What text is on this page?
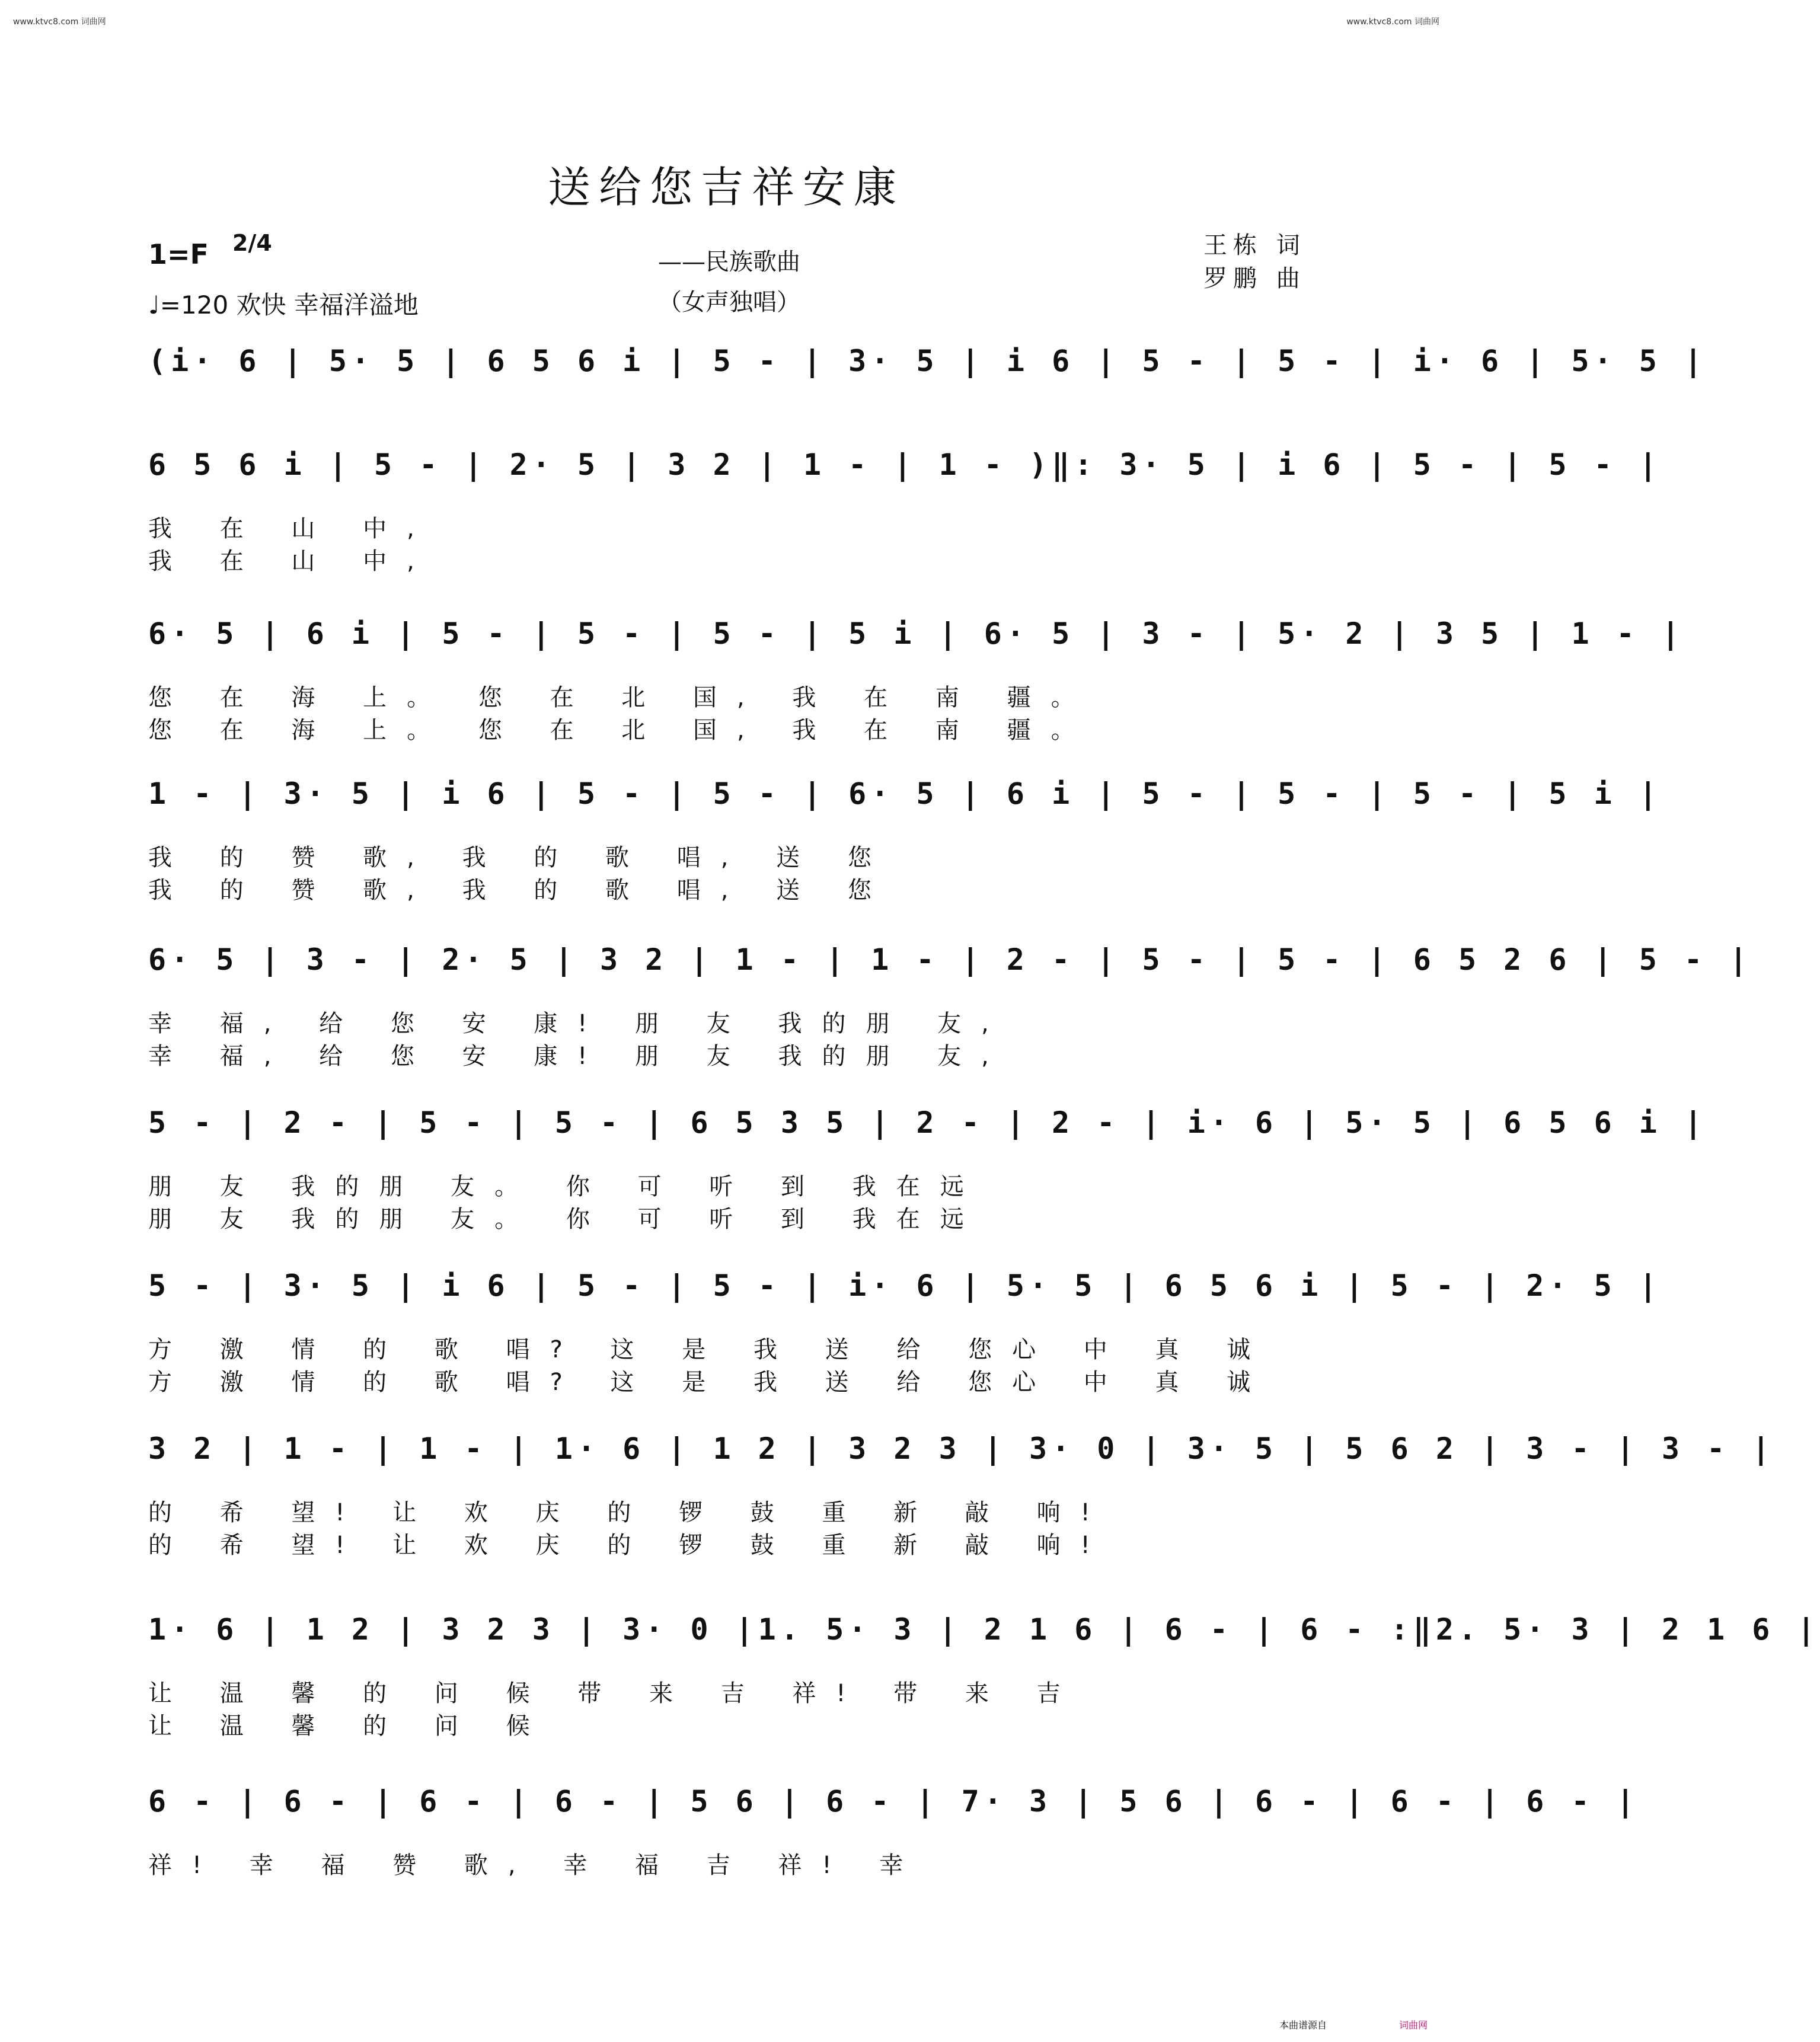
www.ktvc8.com 词曲网	www.ktvc8.com 词曲网
送给您吉祥安康
1=F 2/4
♩=120 欢快 幸福洋溢地
——民族歌曲
（女声独唱）
王栋 词
罗鹏 曲
(i· 6 | 5· 5 | 6 5 6 i | 5 - | 3· 5 | i 6 | 5 - | 5 - | i· 6 | 5· 5 |
6 5 6 i | 5 - | 2· 5 | 3 2 | 1 - | 1 - )‖: 3· 5 | i 6 | 5 - | 5 - |
我 在 山 中,
我 在 山 中,
6· 5 | 6 i | 5 - | 5 - | 5 - | 5 i | 6· 5 | 3 - | 5· 2 | 3 5 | 1 - |
您 在 海 上。 您 在 北 国, 我 在 南 疆。
您 在 海 上。 您 在 北 国, 我 在 南 疆。
1 - | 3· 5 | i 6 | 5 - | 5 - | 6· 5 | 6 i | 5 - | 5 - | 5 - | 5 i |
我 的 赞 歌, 我 的 歌 唱, 送 您
我 的 赞 歌, 我 的 歌 唱, 送 您
6· 5 | 3 - | 2· 5 | 3 2 | 1 - | 1 - | 2 - | 5 - | 5 - | 6 5 2 6 | 5 - |
幸 福, 给 您 安 康! 朋 友 我的朋 友,
幸 福, 给 您 安 康! 朋 友 我的朋 友,
5 - | 2 - | 5 - | 5 - | 6 5 3 5 | 2 - | 2 - | i· 6 | 5· 5 | 6 5 6 i |
朋 友 我的朋 友。 你 可 听 到 我在远
朋 友 我的朋 友。 你 可 听 到 我在远
5 - | 3· 5 | i 6 | 5 - | 5 - | i· 6 | 5· 5 | 6 5 6 i | 5 - | 2· 5 |
方 激 情 的 歌 唱? 这 是 我 送 给 您心 中 真 诚
方 激 情 的 歌 唱? 这 是 我 送 给 您心 中 真 诚
3 2 | 1 - | 1 - | 1· 6 | 1 2 | 3 2 3 | 3· 0 | 3· 5 | 5 6 2 | 3 - | 3 - |
的 希 望! 让 欢 庆 的 锣 鼓 重 新 敲 响!
的 希 望! 让 欢 庆 的 锣 鼓 重 新 敲 响!
1· 6 | 1 2 | 3 2 3 | 3· 0 |1. 5· 3 | 2 1 6 | 6 - | 6 - :‖2. 5· 3 | 2 1 6 |
让 温 馨 的 问 候 带 来 吉 祥! 带 来 吉
让 温 馨 的 问 候
6 - | 6 - | 6 - | 6 - | 5 6 | 6 - | 7· 3 | 5 6 | 6 - | 6 - | 6 - |
祥! 幸 福 赞 歌, 幸 福 吉 祥! 幸
本曲谱源自	词曲网
